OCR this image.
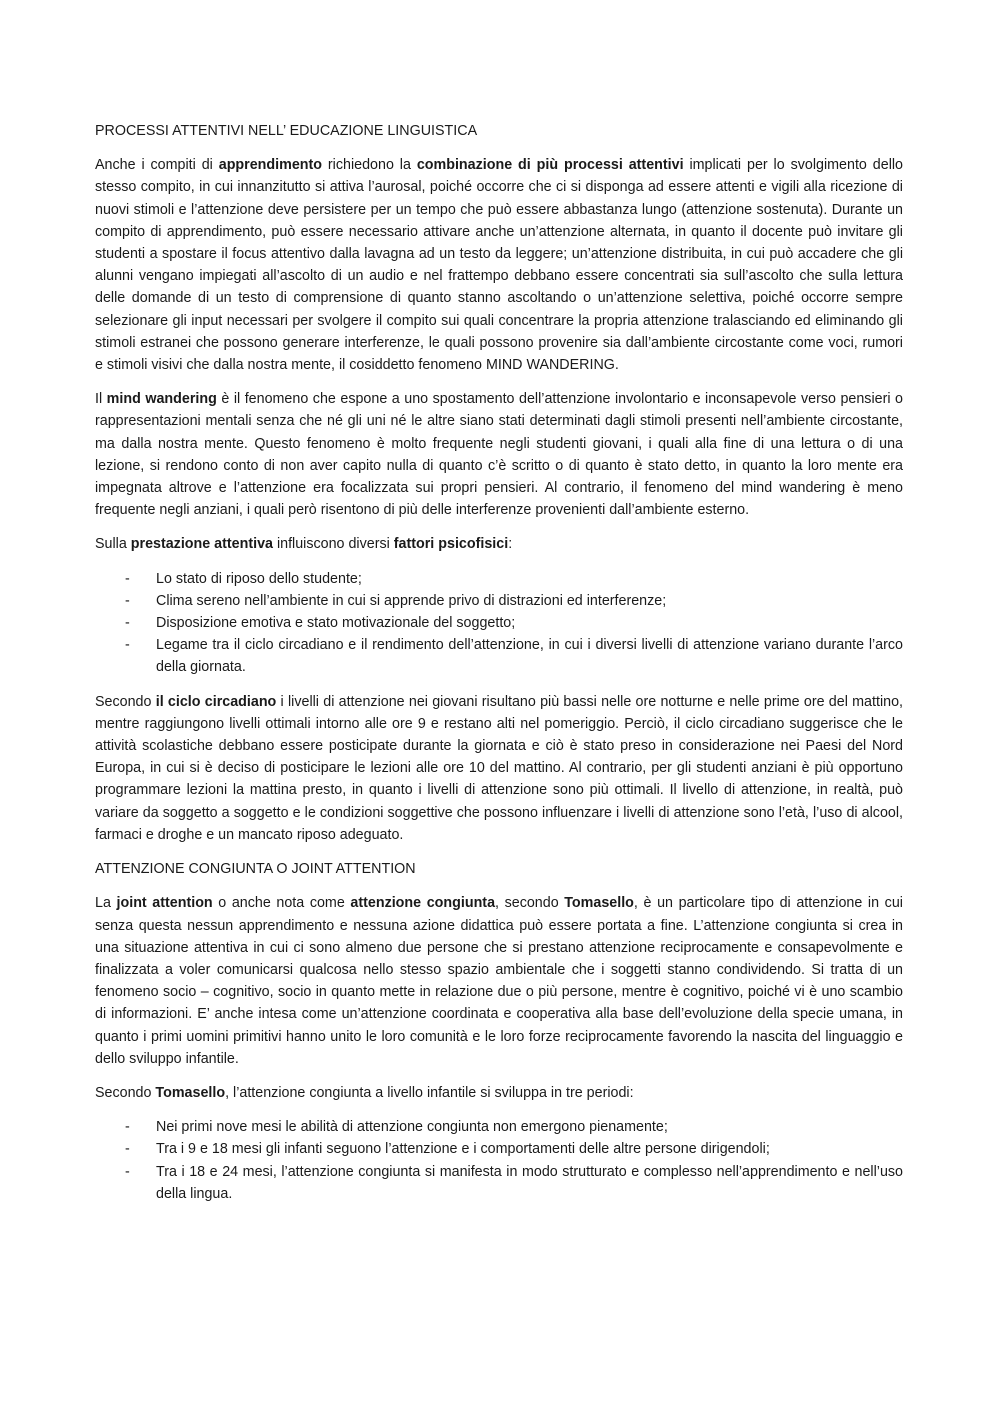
PROCESSI ATTENTIVI NELL’ EDUCAZIONE LINGUISTICA

Anche i compiti di apprendimento richiedono la combinazione di più processi attentivi implicati per lo svolgimento dello stesso compito, in cui innanzitutto si attiva l’aurosal, poiché occorre che ci si disponga ad essere attenti e vigili alla ricezione di nuovi stimoli e l’attenzione deve persistere per un tempo che può essere abbastanza lungo (attenzione sostenuta). Durante un compito di apprendimento, può essere necessario attivare anche un’attenzione alternata, in quanto il docente può invitare gli studenti a spostare il focus attentivo dalla lavagna ad un testo da leggere; un’attenzione distribuita, in cui può accadere che gli alunni vengano impiegati all’ascolto di un audio e nel frattempo debbano essere concentrati sia sull’ascolto che sulla lettura delle domande di un testo di comprensione di quanto stanno ascoltando o un’attenzione selettiva, poiché occorre sempre selezionare gli input necessari per svolgere il compito sui quali concentrare la propria attenzione tralasciando ed eliminando gli stimoli estranei che possono generare interferenze, le quali possono provenire sia dall’ambiente circostante come voci, rumori e stimoli visivi che dalla nostra mente, il cosiddetto fenomeno MIND WANDERING.

Il mind wandering è il fenomeno che espone a uno spostamento dell’attenzione involontario e inconsapevole verso pensieri o rappresentazioni mentali senza che né gli uni né le altre siano stati determinati dagli stimoli presenti nell’ambiente circostante, ma dalla nostra mente. Questo fenomeno è molto frequente negli studenti giovani, i quali alla fine di una lettura o di una lezione, si rendono conto di non aver capito nulla di quanto c’è scritto o di quanto è stato detto, in quanto la loro mente era impegnata altrove e l’attenzione era focalizzata sui propri pensieri. Al contrario, il fenomeno del mind wandering è meno frequente negli anziani, i quali però risentono di più delle interferenze provenienti dall’ambiente esterno.

Sulla prestazione attentiva influiscono diversi fattori psicofisici:

- Lo stato di riposo dello studente;
- Clima sereno nell’ambiente in cui si apprende privo di distrazioni ed interferenze;
- Disposizione emotiva e stato motivazionale del soggetto;
- Legame tra il ciclo circadiano e il rendimento dell’attenzione, in cui i diversi livelli di attenzione variano durante l’arco della giornata.

Secondo il ciclo circadiano i livelli di attenzione nei giovani risultano più bassi nelle ore notturne e nelle prime ore del mattino, mentre raggiungono livelli ottimali intorno alle ore 9 e restano alti nel pomeriggio. Perciò, il ciclo circadiano suggerisce che le attività scolastiche debbano essere posticipate durante la giornata e ciò è stato preso in considerazione nei Paesi del Nord Europa, in cui si è deciso di posticipare le lezioni alle ore 10 del mattino. Al contrario, per gli studenti anziani è più opportuno programmare lezioni la mattina presto, in quanto i livelli di attenzione sono più ottimali. Il livello di attenzione, in realtà, può variare da soggetto a soggetto e le condizioni soggettive che possono influenzare i livelli di attenzione sono l’età, l’uso di alcool, farmaci e droghe e un mancato riposo adeguato.

ATTENZIONE CONGIUNTA O JOINT ATTENTION

La joint attention o anche nota come attenzione congiunta, secondo Tomasello, è un particolare tipo di attenzione in cui senza questa nessun apprendimento e nessuna azione didattica può essere portata a fine. L’attenzione congiunta si crea in una situazione attentiva in cui ci sono almeno due persone che si prestano attenzione reciprocamente e consapevolmente e finalizzata a voler comunicarsi qualcosa nello stesso spazio ambientale che i soggetti stanno condividendo. Si tratta di un fenomeno socio – cognitivo, socio in quanto mette in relazione due o più persone, mentre è cognitivo, poiché vi è uno scambio di informazioni. E’ anche intesa come un’attenzione coordinata e cooperativa alla base dell’evoluzione della specie umana, in quanto i primi uomini primitivi hanno unito le loro comunità e le loro forze reciprocamente favorendo la nascita del linguaggio e dello sviluppo infantile.

Secondo Tomasello, l’attenzione congiunta a livello infantile si sviluppa in tre periodi:

- Nei primi nove mesi le abilità di attenzione congiunta non emergono pienamente;
- Tra i 9 e 18 mesi gli infanti seguono l’attenzione e i comportamenti delle altre persone dirigendoli;
- Tra i 18 e 24 mesi, l’attenzione congiunta si manifesta in modo strutturato e complesso nell’apprendimento e nell’uso della lingua.
